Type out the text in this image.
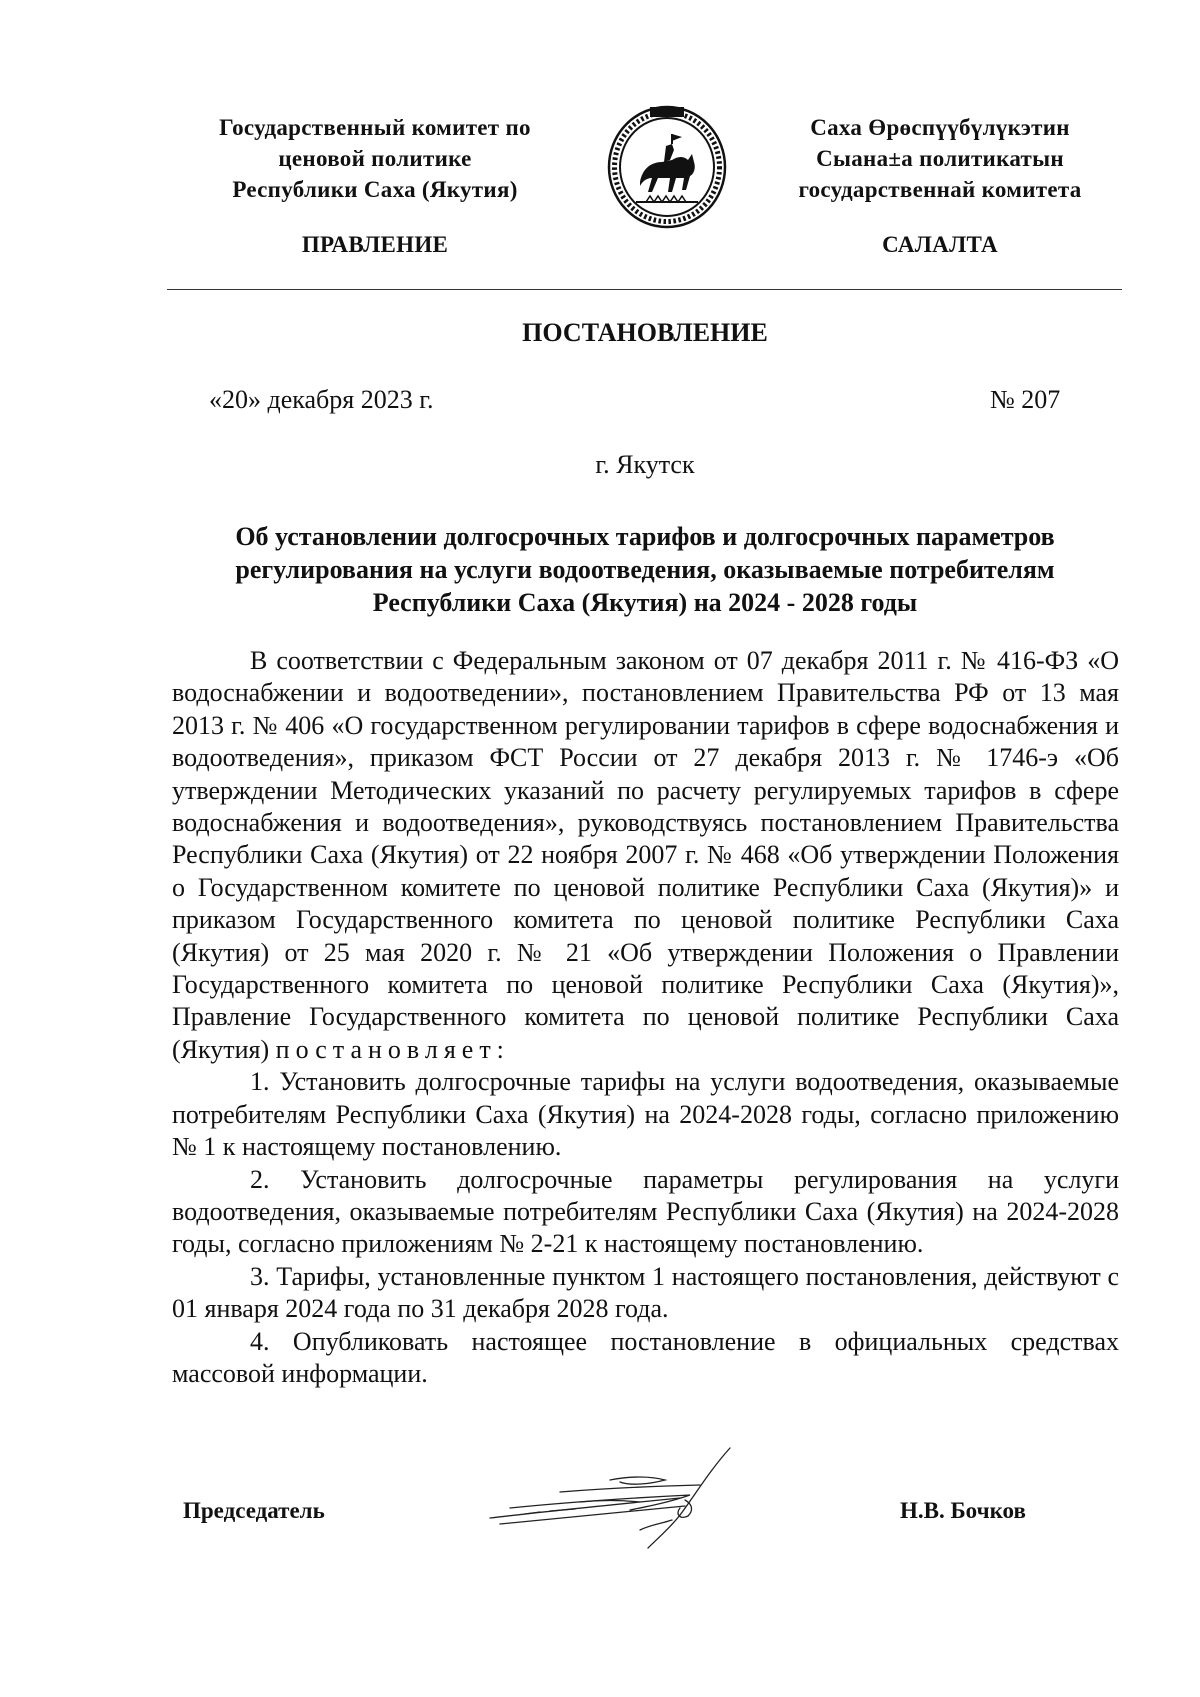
Государственный комитет по
ценовой политике
Республики Саха (Якутия)
Саха Өрөспүүбүлүкэтин
Сыана±а политикатын
государственнай комитета
ПРАВЛЕНИЕ	САЛАЛТА
ПОСТАНОВЛЕНИЕ
«20» декабря 2023 г.	№ 207
г. Якутск
Об установлении долгосрочных тарифов и долгосрочных параметров регулирования на услуги водоотведения, оказываемые потребителям Республики Саха (Якутия) на 2024 - 2028 годы

В соответствии с Федеральным законом от 07 декабря 2011 г. № 416-ФЗ «О водоснабжении и водоотведении», постановлением Правительства РФ от 13 мая 2013 г. № 406 «О государственном регулировании тарифов в сфере водоснабжения и водоотведения», приказом ФСТ России от 27 декабря 2013 г. № 1746-э «Об утверждении Методических указаний по расчету регулируемых тарифов в сфере водоснабжения и водоотведения», руководствуясь постановлением Правительства Республики Саха (Якутия) от 22 ноября 2007 г. № 468 «Об утверждении Положения о Государственном комитете по ценовой политике Республики Саха (Якутия)» и приказом Государственного комитета по ценовой политике Республики Саха (Якутия) от 25 мая 2020 г. № 21 «Об утверждении Положения о Правлении Государственного комитета по ценовой политике Республики Саха (Якутия)», Правление Государственного комитета по ценовой политике Республики Саха (Якутия) постановляет:

1. Установить долгосрочные тарифы на услуги водоотведения, оказываемые потребителям Республики Саха (Якутия) на 2024-2028 годы, согласно приложению № 1 к настоящему постановлению.

2. Установить долгосрочные параметры регулирования на услуги водоотведения, оказываемые потребителям Республики Саха (Якутия) на 2024-2028 годы, согласно приложениям № 2-21 к настоящему постановлению.

3. Тарифы, установленные пунктом 1 настоящего постановления, действуют с 01 января 2024 года по 31 декабря 2028 года.

4. Опубликовать настоящее постановление в официальных средствах массовой информации.

Председатель	Н.В. Бочков
